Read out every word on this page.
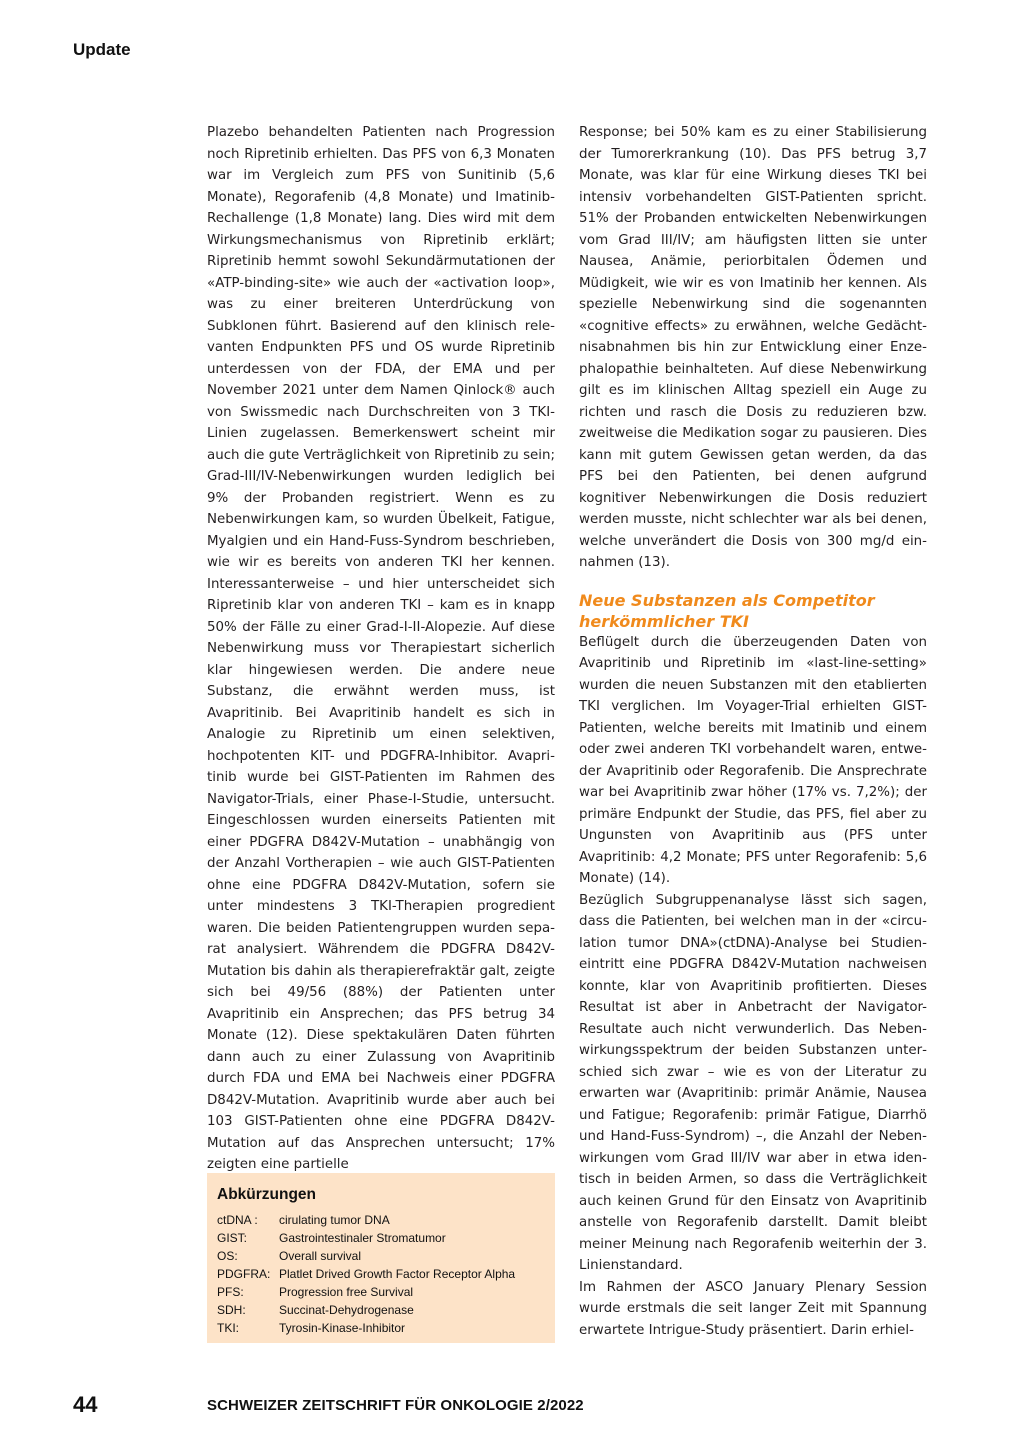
Update

Plazebo behandelten Patienten nach Progression noch Ripretinib erhielten. Das PFS von 6,3 Monaten war im Vergleich zum PFS von Sunitinib (5,6 Monate), Regorafenib (4,8 Monate) und Imatinib-Rechallenge (1,8 Monate) lang. Dies wird mit dem Wirkungsmechanismus von Ripretinib erklärt; Ripretinib hemmt sowohl Sekundärmutationen der «ATP-binding-site» wie auch der «activation loop», was zu einer breiteren Unterdrückung von Subklonen führt. Basierend auf den klinisch relevanten Endpunkten PFS und OS wurde Ripretinib unterdessen von der FDA, der EMA und per November 2021 unter dem Namen Qinlock® auch von Swissmedic nach Durchschreiten von 3 TKI-Linien zugelassen. Bemerkenswert scheint mir auch die gute Verträglichkeit von Ripretinib zu sein; Grad-III/IV-Nebenwirkungen wurden lediglich bei 9% der Probanden registriert. Wenn es zu Nebenwirkungen kam, so wurden Übelkeit, Fatigue, Myalgien und ein Hand-Fuss-Syndrom beschrieben, wie wir es bereits von anderen TKI her kennen. Interessanterweise – und hier unterscheidet sich Ripretinib klar von anderen TKI – kam es in knapp 50% der Fälle zu einer Grad-I-II-Alopezie. Auf diese Nebenwirkung muss vor Therapiestart sicherlich klar hingewiesen werden. Die andere neue Substanz, die erwähnt werden muss, ist Avapritinib. Bei Avapritinib handelt es sich in Analogie zu Ripretinib um einen selektiven, hochpotenten KIT- und PDGFRA-Inhibitor. Avapritinib wurde bei GIST-Patienten im Rahmen des Navigator-Trials, einer Phase-I-Studie, untersucht. Eingeschlossen wurden einerseits Patienten mit einer PDGFRA D842V-Mutation – unabhängig von der Anzahl Vortherapien – wie auch GIST-Patienten ohne eine PDGFRA D842V-Mutation, sofern sie unter mindestens 3 TKI-Therapien progredient waren. Die beiden Patientengruppen wurden separat analysiert. Währendem die PDGFRA D842V-Mutation bis dahin als therapierefraktär galt, zeigte sich bei 49/56 (88%) der Patienten unter Avapritinib ein Ansprechen; das PFS betrug 34 Monate (12). Diese spektakulären Daten führten dann auch zu einer Zulassung von Avapritinib durch FDA und EMA bei Nachweis einer PDGFRA D842V-Mutation. Avapritinib wurde aber auch bei 103 GIST-Patienten ohne eine PDGFRA D842V-Mutation auf das Ansprechen untersucht; 17% zeigten eine partielle

Response; bei 50% kam es zu einer Stabilisierung der Tumorerkrankung (10). Das PFS betrug 3,7 Monate, was klar für eine Wirkung dieses TKI bei intensiv vorbehandelten GIST-Patienten spricht. 51% der Probanden entwickelten Nebenwirkungen vom Grad III/IV; am häufigsten litten sie unter Nausea, Anämie, periorbitalen Ödemen und Müdigkeit, wie wir es von Imatinib her kennen. Als spezielle Nebenwirkung sind die sogenannten «cognitive effects» zu erwähnen, welche Gedächtnisabnahmen bis hin zur Entwicklung einer Enzephalopathie beinhalteten. Auf diese Nebenwirkung gilt es im klinischen Alltag speziell ein Auge zu richten und rasch die Dosis zu reduzieren bzw. zweitweise die Medikation sogar zu pausieren. Dies kann mit gutem Gewissen getan werden, da das PFS bei den Patienten, bei denen aufgrund kognitiver Nebenwirkungen die Dosis reduziert werden musste, nicht schlechter war als bei denen, welche unverändert die Dosis von 300 mg/d einnahmen (13).

Neue Substanzen als Competitor herkömmlicher TKI

Beflügelt durch die überzeugenden Daten von Avapritinib und Ripretinib im «last-line-setting» wurden die neuen Substanzen mit den etablierten TKI verglichen. Im Voyager-Trial erhielten GIST-Patienten, welche bereits mit Imatinib und einem oder zwei anderen TKI vorbehandelt waren, entweder Avapritinib oder Regorafenib. Die Ansprechrate war bei Avapritinib zwar höher (17% vs. 7,2%); der primäre Endpunkt der Studie, das PFS, fiel aber zu Ungunsten von Avapritinib aus (PFS unter Avapritinib: 4,2 Monate; PFS unter Regorafenib: 5,6 Monate) (14).

Bezüglich Subgruppenanalyse lässt sich sagen, dass die Patienten, bei welchen man in der «circulation tumor DNA»(ctDNA)-Analyse bei Studieneintritt eine PDGFRA D842V-Mutation nachweisen konnte, klar von Avapritinib profitierten. Dieses Resultat ist aber in Anbetracht der Navigator-Resultate auch nicht verwunderlich. Das Nebenwirkungsspektrum der beiden Substanzen unterschied sich zwar – wie es von der Literatur zu erwarten war (Avapritinib: primär Anämie, Nausea und Fatigue; Regorafenib: primär Fatigue, Diarrhö und Hand-Fuss-Syndrom) –, die Anzahl der Nebenwirkungen vom Grad III/IV war aber in etwa identisch in beiden Armen, so dass die Verträglichkeit auch keinen Grund für den Einsatz von Avapritinib anstelle von Regorafenib darstellt. Damit bleibt meiner Meinung nach Regorafenib weiterhin der 3. Linienstandard.

Im Rahmen der ASCO January Plenary Session wurde erstmals die seit langer Zeit mit Spannung erwartete Intrigue-Study präsentiert. Darin erhiel-

Abkürzungen
ctDNA :	cirulating tumor DNA
GIST:	Gastrointestinaler Stromatumor
OS:	Overall survival
PDGFRA: Platlet Drived Growth Factor Receptor Alpha
PFS:	Progression free Survival
SDH:	Succinat-Dehydrogenase
TKI:	Tyrosin-Kinase-Inhibitor
44	SCHWEIZER ZEITSCHRIFT FÜR ONKOLOGIE 2/2022
